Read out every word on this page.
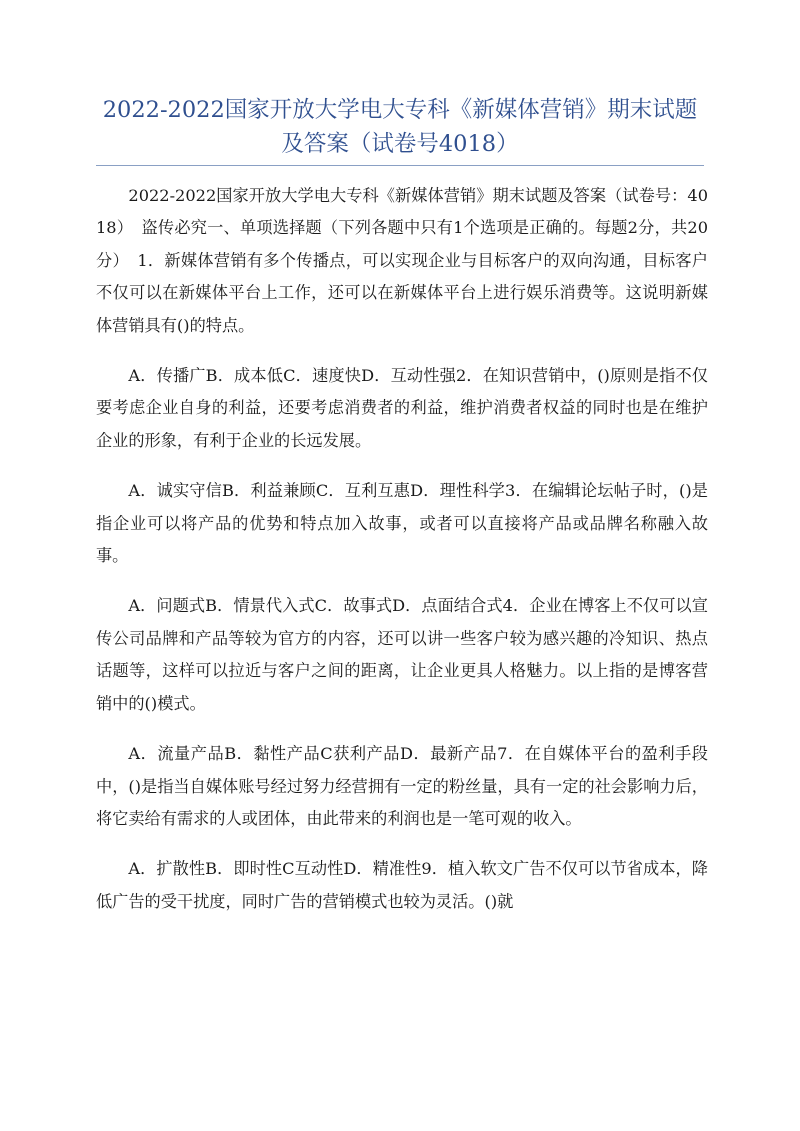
2022-2022国家开放大学电大专科《新媒体营销》期末试题及答案（试卷号4018）

2022-2022国家开放大学电大专科《新媒体营销》期末试题及答案（试卷号：4018）　盗传必究一、单项选择题（下列各题中只有1个选项是正确的。每题2分，共20分）　1．新媒体营销有多个传播点，可以实现企业与目标客户的双向沟通，目标客户不仅可以在新媒体平台上工作，还可以在新媒体平台上进行娱乐消费等。这说明新媒体营销具有()的特点。

A．传播广B．成本低C．速度快D．互动性强2．在知识营销中，()原则是指不仅要考虑企业自身的利益，还要考虑消费者的利益，维护消费者权益的同时也是在维护企业的形象，有利于企业的长远发展。

A．诚实守信B．利益兼顾C．互利互惠D．理性科学3．在编辑论坛帖子时，()是指企业可以将产品的优势和特点加入故事，或者可以直接将产品或品牌名称融入故事。

A．问题式B．情景代入式C．故事式D．点面结合式4．企业在博客上不仅可以宣传公司品牌和产品等较为官方的内容，还可以讲一些客户较为感兴趣的冷知识、热点话题等，这样可以拉近与客户之间的距离，让企业更具人格魅力。以上指的是博客营销中的()模式。

A．流量产品B．黏性产品C获利产品D．最新产品7．在自媒体平台的盈利手段中，()是指当自媒体账号经过努力经营拥有一定的粉丝量，具有一定的社会影响力后，将它卖给有需求的人或团体，由此带来的利润也是一笔可观的收入。

A．扩散性B．即时性C互动性D．精准性9．植入软文广告不仅可以节省成本，降低广告的受干扰度，同时广告的营销模式也较为灵活。()就
